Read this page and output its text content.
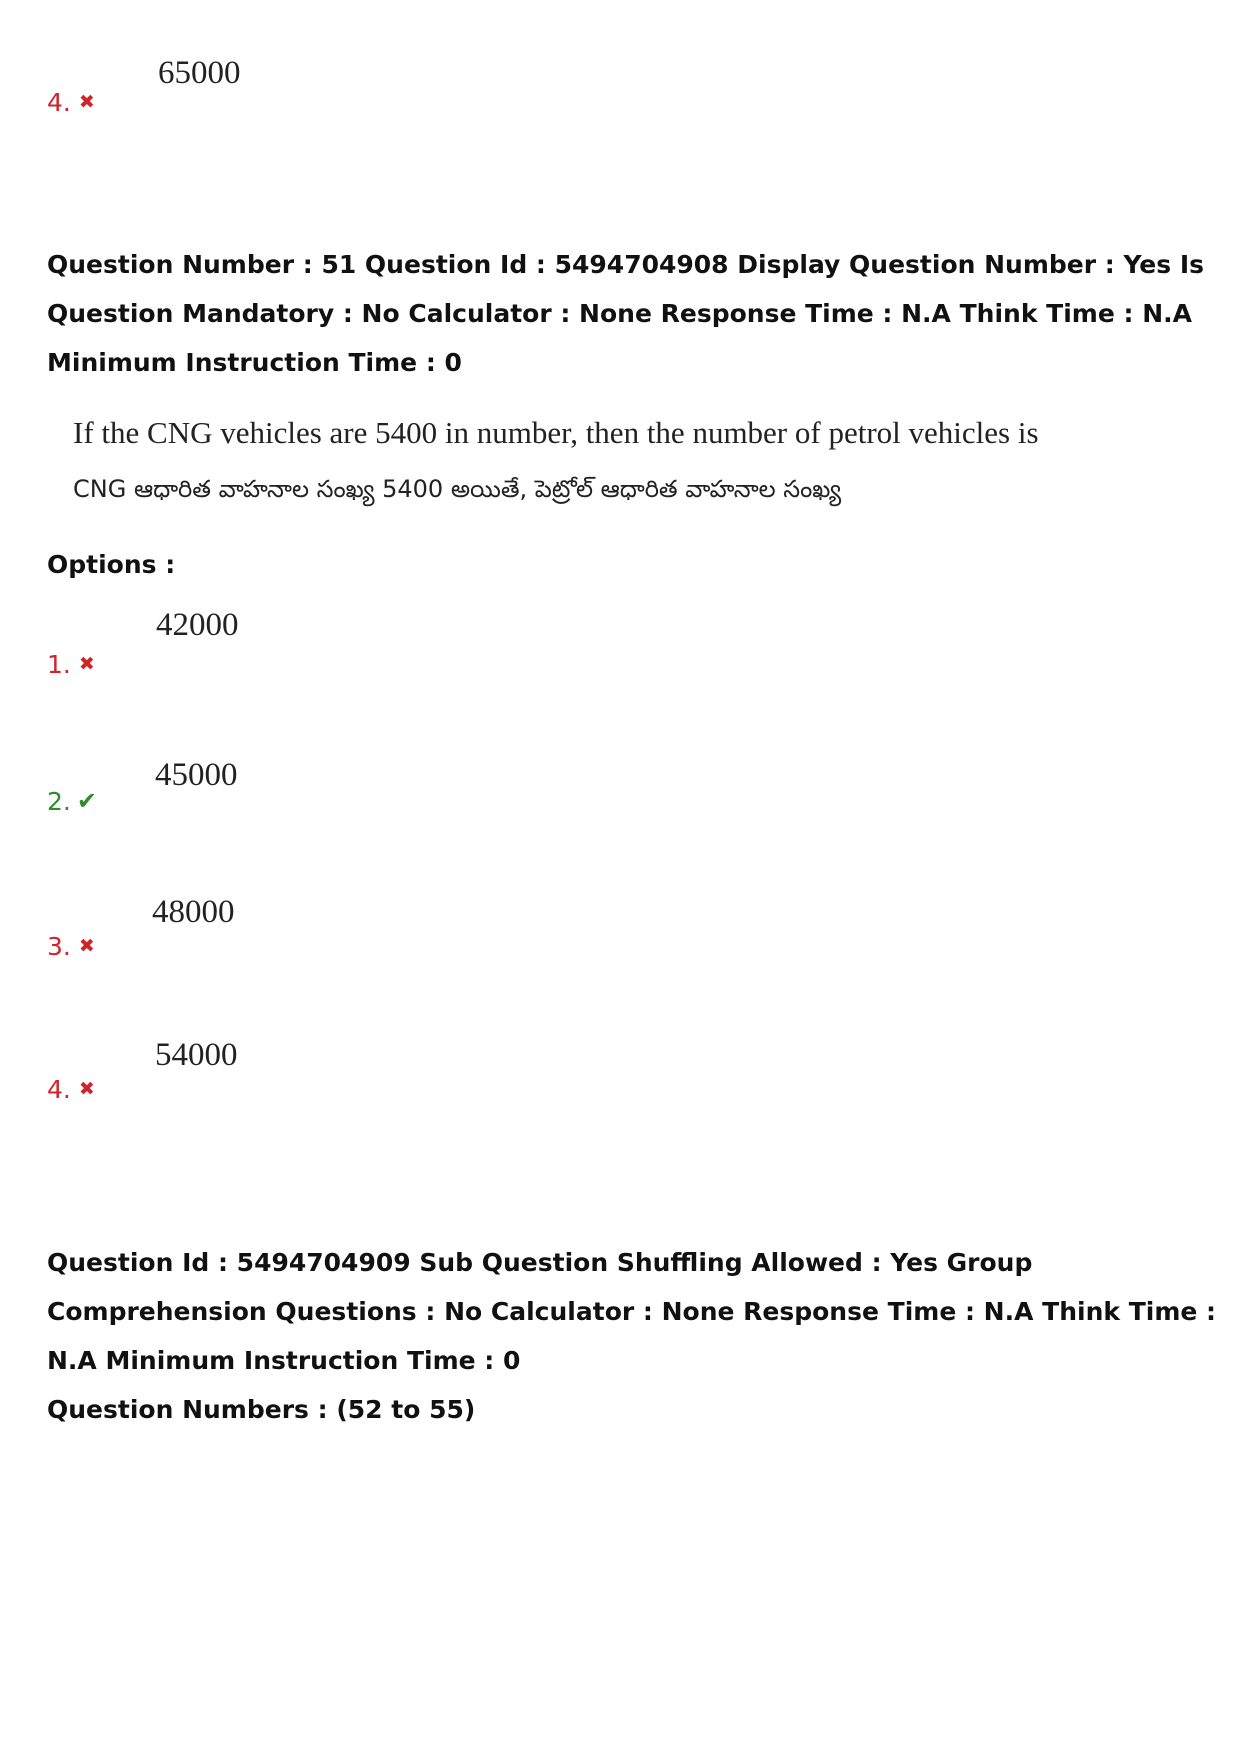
4. ✖
65000
Question Number : 51 Question Id : 5494704908 Display Question Number : Yes Is Question Mandatory : No Calculator : None Response Time : N.A Think Time : N.A Minimum Instruction Time : 0
If the CNG vehicles are 5400 in number, then the number of petrol vehicles is
CNG ఆధారిత వాహనాల సంఖ్య 5400 అయితే, పెట్రోల్ ఆధారిత వాహనాల సంఖ్య
Options :
1. ✖
42000
2. ✔
45000
3. ✖
48000
4. ✖
54000
Question Id : 5494704909 Sub Question Shuffling Allowed : Yes Group Comprehension Questions : No Calculator : None Response Time : N.A Think Time : N.A Minimum Instruction Time : 0
Question Numbers : (52 to 55)
